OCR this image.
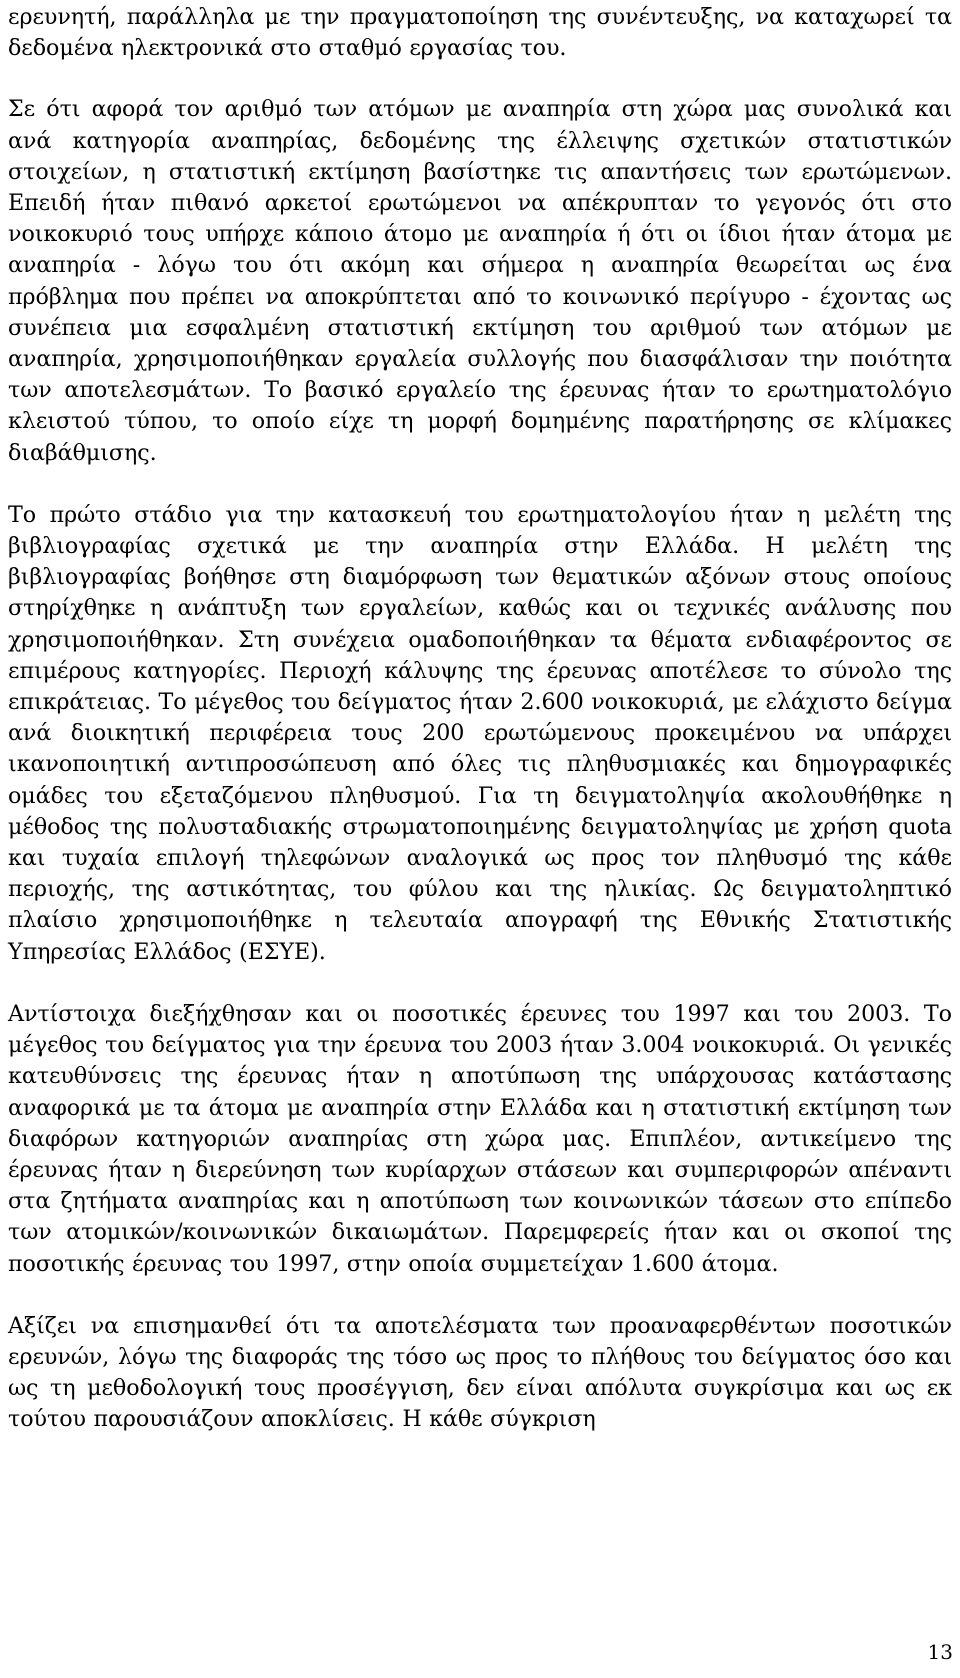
ερευνητή, παράλληλα με την πραγματοποίηση της συνέντευξης, να καταχωρεί τα δεδομένα ηλεκτρονικά στο σταθμό εργασίας του.

Σε ότι αφορά τον αριθμό των ατόμων με αναπηρία στη χώρα μας συνολικά και ανά κατηγορία αναπηρίας, δεδομένης της έλλειψης σχετικών στατιστικών στοιχείων, η στατιστική εκτίμηση βασίστηκε τις απαντήσεις των ερωτώμενων. Επειδή ήταν πιθανό αρκετοί ερωτώμενοι να απέκρυπταν το γεγονός ότι στο νοικοκυριό τους υπήρχε κάποιο άτομο με αναπηρία ή ότι οι ίδιοι ήταν άτομα με αναπηρία - λόγω του ότι ακόμη και σήμερα η αναπηρία θεωρείται ως ένα πρόβλημα που πρέπει να αποκρύπτεται από το κοινωνικό περίγυρο - έχοντας ως συνέπεια μια εσφαλμένη στατιστική εκτίμηση του αριθμού των ατόμων με αναπηρία, χρησιμοποιήθηκαν εργαλεία συλλογής που διασφάλισαν την ποιότητα των αποτελεσμάτων. Το βασικό εργαλείο της έρευνας ήταν το ερωτηματολόγιο κλειστού τύπου, το οποίο είχε τη μορφή δομημένης παρατήρησης σε κλίμακες διαβάθμισης.

Το πρώτο στάδιο για την κατασκευή του ερωτηματολογίου ήταν η μελέτη της βιβλιογραφίας σχετικά με την αναπηρία στην Ελλάδα. Η μελέτη της βιβλιογραφίας βοήθησε στη διαμόρφωση των θεματικών αξόνων στους οποίους στηρίχθηκε η ανάπτυξη των εργαλείων, καθώς και οι τεχνικές ανάλυσης που χρησιμοποιήθηκαν. Στη συνέχεια ομαδοποιήθηκαν τα θέματα ενδιαφέροντος σε επιμέρους κατηγορίες. Περιοχή κάλυψης της έρευνας αποτέλεσε το σύνολο της επικράτειας. Το μέγεθος του δείγματος ήταν 2.600 νοικοκυριά, με ελάχιστο δείγμα ανά διοικητική περιφέρεια τους 200 ερωτώμενους προκειμένου να υπάρχει ικανοποιητική αντιπροσώπευση από όλες τις πληθυσμιακές και δημογραφικές ομάδες του εξεταζόμενου πληθυσμού. Για τη δειγματοληψία ακολουθήθηκε η μέθοδος της πολυσταδιακής στρωματοποιημένης δειγματοληψίας με χρήση quota και τυχαία επιλογή τηλεφώνων αναλογικά ως προς τον πληθυσμό της κάθε περιοχής, της αστικότητας, του φύλου και της ηλικίας. Ως δειγματοληπτικό πλαίσιο χρησιμοποιήθηκε η τελευταία απογραφή της Εθνικής Στατιστικής Υπηρεσίας Ελλάδος (ΕΣΥΕ).

Αντίστοιχα διεξήχθησαν και οι ποσοτικές έρευνες του 1997 και του 2003. Το μέγεθος του δείγματος για την έρευνα του 2003 ήταν 3.004 νοικοκυριά. Οι γενικές κατευθύνσεις της έρευνας ήταν η αποτύπωση της υπάρχουσας κατάστασης αναφορικά με τα άτομα με αναπηρία στην Ελλάδα και η στατιστική εκτίμηση των διαφόρων κατηγοριών αναπηρίας στη χώρα μας. Επιπλέον, αντικείμενο της έρευνας ήταν η διερεύνηση των κυρίαρχων στάσεων και συμπεριφορών απέναντι στα ζητήματα αναπηρίας και η αποτύπωση των κοινωνικών τάσεων στο επίπεδο των ατομικών/κοινωνικών δικαιωμάτων. Παρεμφερείς ήταν και οι σκοποί της ποσοτικής έρευνας του 1997, στην οποία συμμετείχαν 1.600 άτομα.

Αξίζει να επισημανθεί ότι τα αποτελέσματα των προαναφερθέντων ποσοτικών ερευνών, λόγω της διαφοράς της τόσο ως προς το πλήθους του δείγματος όσο και ως τη μεθοδολογική τους προσέγγιση, δεν είναι απόλυτα συγκρίσιμα και ως εκ τούτου παρουσιάζουν αποκλίσεις. Η κάθε σύγκριση

13
